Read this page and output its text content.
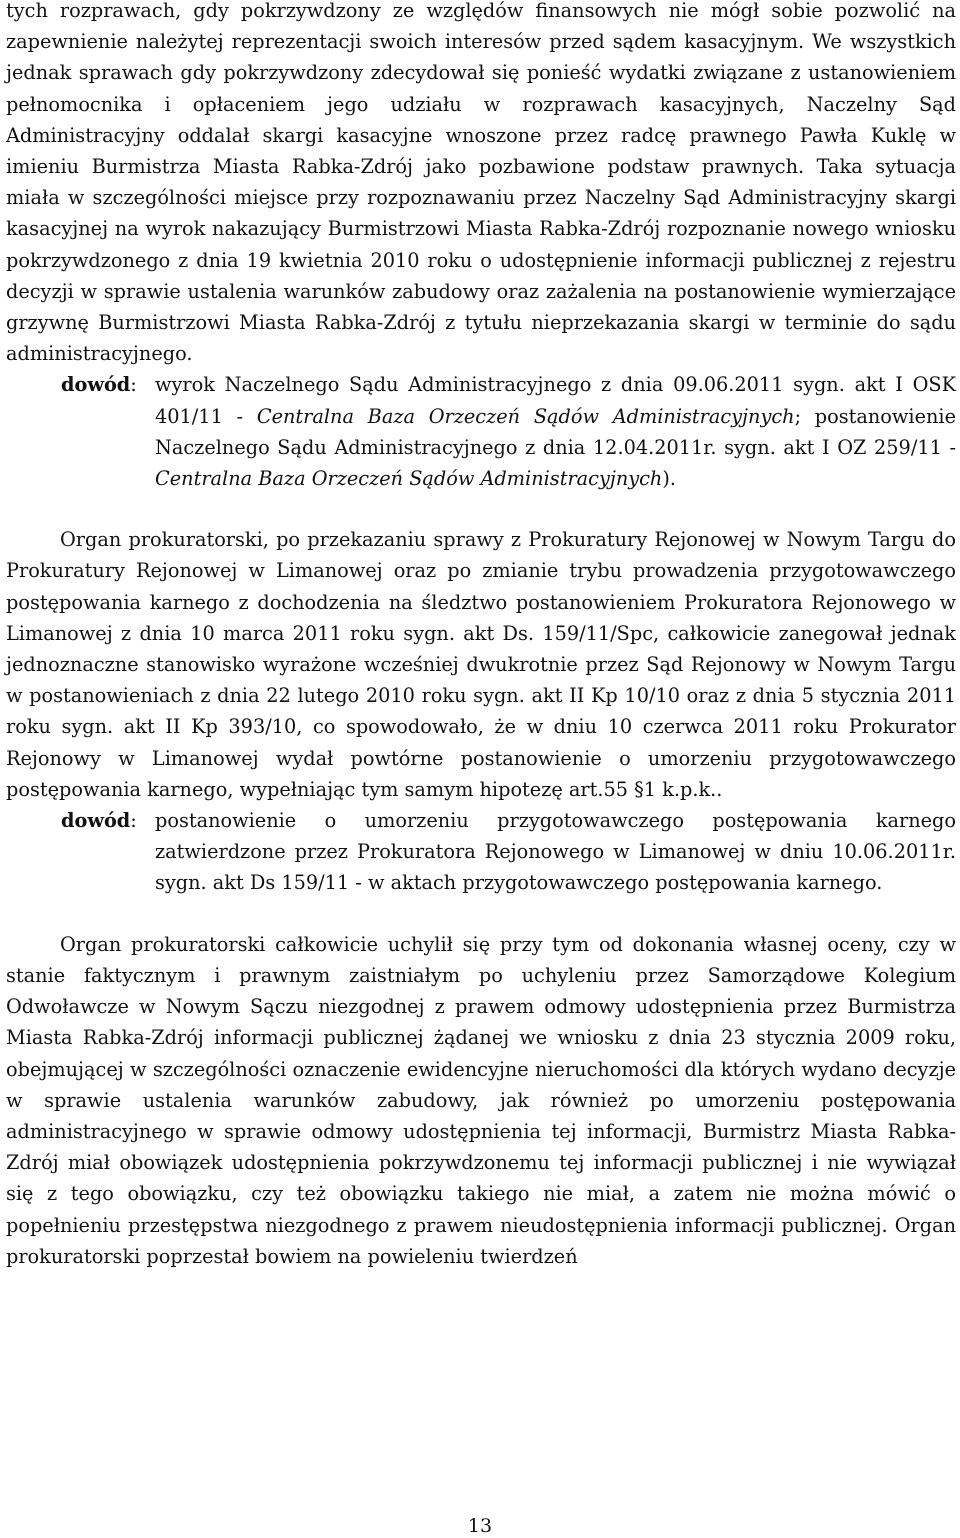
tych rozprawach, gdy pokrzywdzony ze względów finansowych nie mógł sobie pozwolić na zapewnienie należytej reprezentacji swoich interesów przed sądem kasacyjnym. We wszystkich jednak sprawach gdy pokrzywdzony zdecydował się ponieść wydatki związane z ustanowieniem pełnomocnika i opłaceniem jego udziału w rozprawach kasacyjnych, Naczelny Sąd Administracyjny oddalał skargi kasacyjne wnoszone przez radcę prawnego Pawła Kuklę w imieniu Burmistrza Miasta Rabka-Zdrój jako pozbawione podstaw prawnych. Taka sytuacja miała w szczególności miejsce przy rozpoznawaniu przez Naczelny Sąd Administracyjny skargi kasacyjnej na wyrok nakazujący Burmistrzowi Miasta Rabka-Zdrój rozpoznanie nowego wniosku pokrzywdzonego z dnia 19 kwietnia 2010 roku o udostępnienie informacji publicznej z rejestru decyzji w sprawie ustalenia warunków zabudowy oraz zażalenia na postanowienie wymierzające grzywnę Burmistrzowi Miasta Rabka-Zdrój z tytułu nieprzekazania skargi w terminie do sądu administracyjnego.

dowód: wyrok Naczelnego Sądu Administracyjnego z dnia 09.06.2011 sygn. akt I OSK 401/11 - Centralna Baza Orzeczeń Sądów Administracyjnych; postanowienie Naczelnego Sądu Administracyjnego z dnia 12.04.2011r. sygn. akt I OZ 259/11 - Centralna Baza Orzeczeń Sądów Administracyjnych).

Organ prokuratorski, po przekazaniu sprawy z Prokuratury Rejonowej w Nowym Targu do Prokuratury Rejonowej w Limanowej oraz po zmianie trybu prowadzenia przygotowawczego postępowania karnego z dochodzenia na śledztwo postanowieniem Prokuratora Rejonowego w Limanowej z dnia 10 marca 2011 roku sygn. akt Ds. 159/11/Spc, całkowicie zanegował jednak jednoznaczne stanowisko wyrażone wcześniej dwukrotnie przez Sąd Rejonowy w Nowym Targu w postanowieniach z dnia 22 lutego 2010 roku sygn. akt II Kp 10/10 oraz z dnia 5 stycznia 2011 roku sygn. akt II Kp 393/10, co spowodowało, że w dniu 10 czerwca 2011 roku Prokurator Rejonowy w Limanowej wydał powtórne postanowienie o umorzeniu przygotowawczego postępowania karnego, wypełniając tym samym hipotezę art.55 §1 k.p.k..

dowód: postanowienie o umorzeniu przygotowawczego postępowania karnego zatwierdzone przez Prokuratora Rejonowego w Limanowej w dniu 10.06.2011r. sygn. akt Ds 159/11 - w aktach przygotowawczego postępowania karnego.

Organ prokuratorski całkowicie uchylił się przy tym od dokonania własnej oceny, czy w stanie faktycznym i prawnym zaistniałym po uchyleniu przez Samorządowe Kolegium Odwoławcze w Nowym Sączu niezgodnej z prawem odmowy udostępnienia przez Burmistrza Miasta Rabka-Zdrój informacji publicznej żądanej we wniosku z dnia 23 stycznia 2009 roku, obejmującej w szczególności oznaczenie ewidencyjne nieruchomości dla których wydano decyzje w sprawie ustalenia warunków zabudowy, jak również po umorzeniu postępowania administracyjnego w sprawie odmowy udostępnienia tej informacji, Burmistrz Miasta Rabka-Zdrój miał obowiązek udostępnienia pokrzywdzonemu tej informacji publicznej i nie wywiązał się z tego obowiązku, czy też obowiązku takiego nie miał, a zatem nie można mówić o popełnieniu przestępstwa niezgodnego z prawem nieudostępnienia informacji publicznej. Organ prokuratorski poprzestał bowiem na powieleniu twierdzeń

13
